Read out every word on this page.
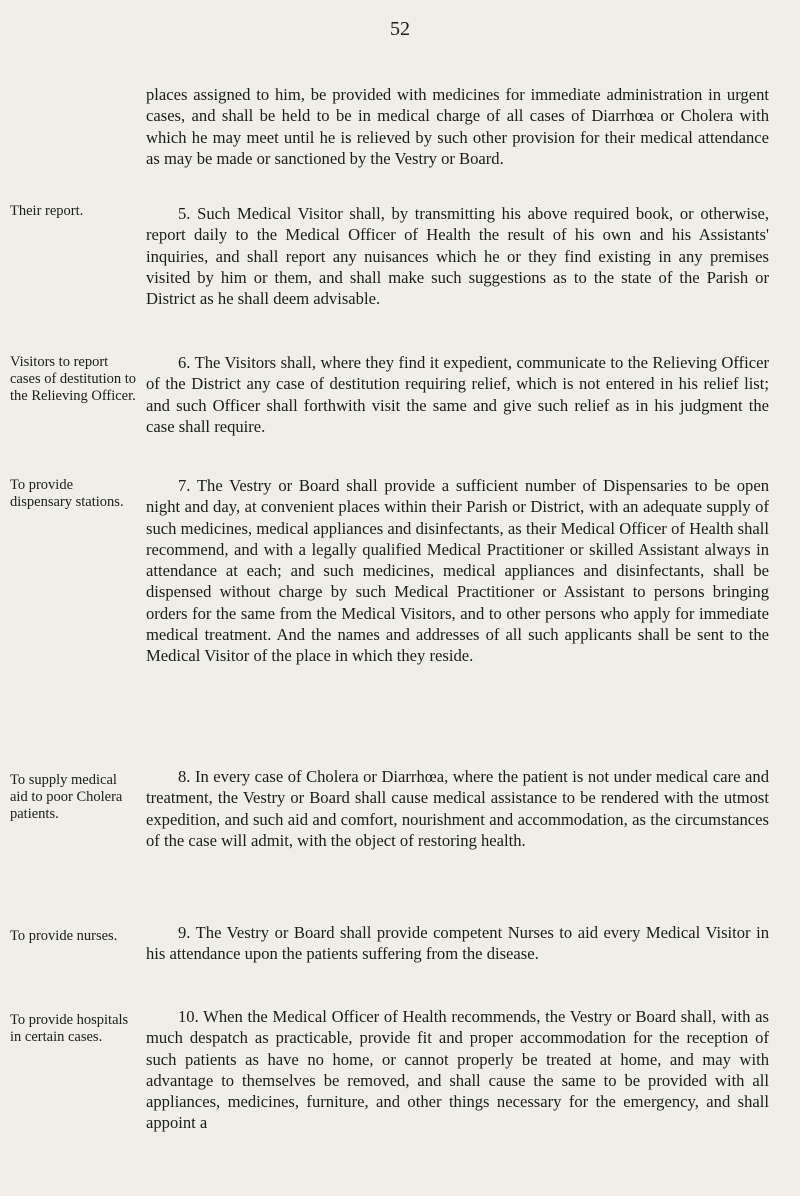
52
places assigned to him, be provided with medicines for immediate administration in urgent cases, and shall be held to be in medical charge of all cases of Diarrhœa or Cholera with which he may meet until he is relieved by such other provision for their medical attendance as may be made or sanctioned by the Vestry or Board.
Their report.	5. Such Medical Visitor shall, by transmitting his above required book, or otherwise, report daily to the Medical Officer of Health the result of his own and his Assistants' inquiries, and shall report any nuisances which he or they find existing in any premises visited by him or them, and shall make such suggestions as to the state of the Parish or District as he shall deem advisable.
Visitors to report cases of destitution to the Relieving Officer.
6. The Visitors shall, where they find it expedient, communicate to the Relieving Officer of the District any case of destitution requiring relief, which is not entered in his relief list; and such Officer shall forthwith visit the same and give such relief as in his judgment the case shall require.
To provide dispensary stations.
7. The Vestry or Board shall provide a sufficient number of Dispensaries to be open night and day, at convenient places within their Parish or District, with an adequate supply of such medicines, medical appliances and disinfectants, as their Medical Officer of Health shall recommend, and with a legally qualified Medical Practitioner or skilled Assistant always in attendance at each; and such medicines, medical appliances and disinfectants, shall be dispensed without charge by such Medical Practitioner or Assistant to persons bringing orders for the same from the Medical Visitors, and to other persons who apply for immediate medical treatment. And the names and addresses of all such applicants shall be sent to the Medical Visitor of the place in which they reside.
To supply medical aid to poor Cholera patients.
8. In every case of Cholera or Diarrhœa, where the patient is not under medical care and treatment, the Vestry or Board shall cause medical assistance to be rendered with the utmost expedition, and such aid and comfort, nourishment and accommodation, as the circumstances of the case will admit, with the object of restoring health.
To provide nurses.	9. The Vestry or Board shall provide competent Nurses to aid every Medical Visitor in his attendance upon the patients suffering from the disease.
To provide hospitals in certain cases.
10. When the Medical Officer of Health recommends, the Vestry or Board shall, with as much despatch as practicable, provide fit and proper accommodation for the reception of such patients as have no home, or cannot properly be treated at home, and may with advantage to themselves be removed, and shall cause the same to be provided with all appliances, medicines, furniture, and other things necessary for the emergency, and shall appoint a
